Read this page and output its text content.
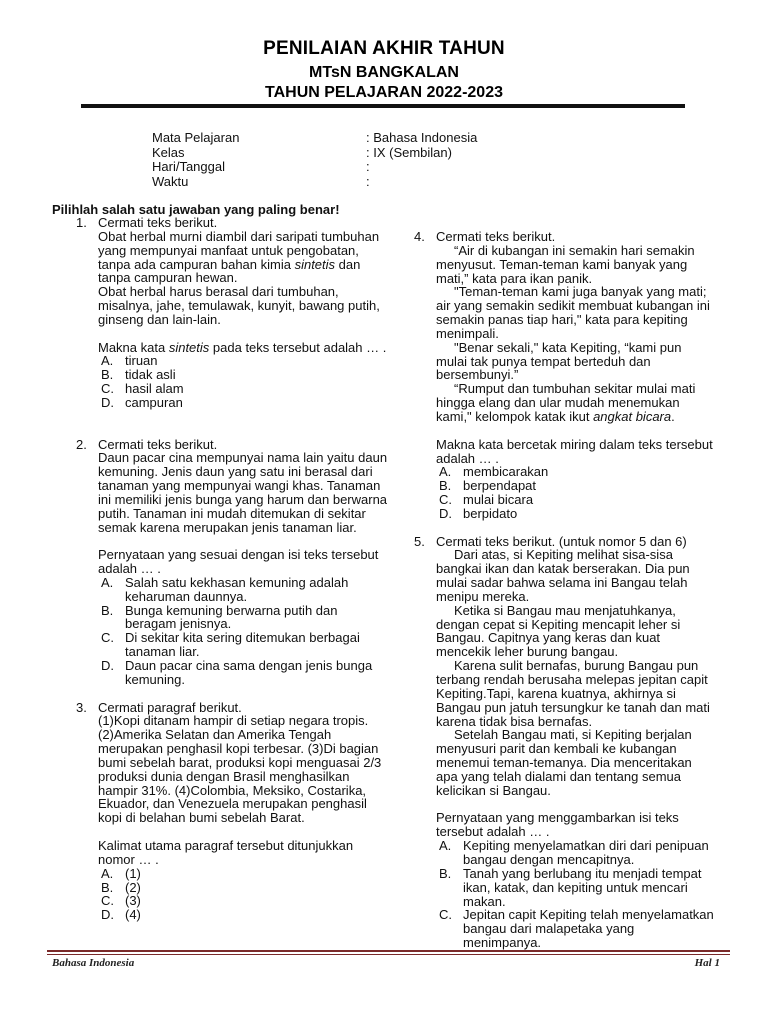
PENILAIAN AKHIR TAHUN
MTsN BANGKALAN
TAHUN PELAJARAN 2022-2023
Mata Pelajaran
Kelas
Hari/Tanggal
Waktu
: Bahasa Indonesia
: IX (Sembilan)
:
:
Pilihlah salah satu jawaban yang paling benar!
1. Cermati teks berikut.

Obat herbal murni diambil dari saripati tumbuhan yang mempunyai manfaat untuk pengobatan, tanpa ada campuran bahan kimia sintetis dan tanpa campuran hewan.

Obat herbal harus berasal dari tumbuhan, misalnya, jahe, temulawak, kunyit, bawang putih, ginseng dan lain-lain.

Makna kata sintetis pada teks tersebut adalah … .

A. tiruan
B. tidak asli
C. hasil alam
D. campuran
2. Cermati teks berikut.

Daun pacar cina mempunyai nama lain yaitu daun kemuning. Jenis daun yang satu ini berasal dari tanaman yang mempunyai wangi khas. Tanaman ini memiliki jenis bunga yang harum dan berwarna putih. Tanaman ini mudah ditemukan di sekitar semak karena merupakan jenis tanaman liar.

Pernyataan yang sesuai dengan isi teks tersebut adalah … .

A. Salah satu kekhasan kemuning adalah keharuman daunnya.
B. Bunga kemuning berwarna putih dan beragam jenisnya.
C. Di sekitar kita sering ditemukan berbagai tanaman liar.
D. Daun pacar cina sama dengan jenis bunga kemuning.
3. Cermati paragraf berikut.

(1)Kopi ditanam hampir di setiap negara tropis. (2)Amerika Selatan dan Amerika Tengah merupakan penghasil kopi terbesar. (3)Di bagian bumi sebelah barat, produksi kopi menguasai 2/3 produksi dunia dengan Brasil menghasilkan hampir 31%. (4)Colombia, Meksiko, Costarika, Ekuador, dan Venezuela merupakan penghasil kopi di belahan bumi sebelah Barat.

Kalimat utama paragraf tersebut ditunjukkan nomor … .

A. (1)
B. (2)
C. (3)
D. (4)
4. Cermati teks berikut.

“Air di kubangan ini semakin hari semakin menyusut. Teman-teman kami banyak yang mati,” kata para ikan panik.

"Teman-teman kami juga banyak yang mati; air yang semakin sedikit membuat kubangan ini semakin panas tiap hari," kata para kepiting menimpali.

"Benar sekali," kata Kepiting, “kami pun mulai tak punya tempat berteduh dan bersembunyi.”

“Rumput dan tumbuhan sekitar mulai mati hingga elang dan ular mudah menemukan kami," kelompok katak ikut angkat bicara.

Makna kata bercetak miring dalam teks tersebut adalah … .

A. membicarakan
B. berpendapat
C. mulai bicara
D. berpidato
5. Cermati teks berikut. (untuk nomor 5 dan 6)

Dari atas, si Kepiting melihat sisa-sisa bangkai ikan dan katak berserakan. Dia pun mulai sadar bahwa selama ini Bangau telah menipu mereka.

Ketika si Bangau mau menjatuhkanya, dengan cepat si Kepiting mencapit leher si Bangau. Capitnya yang keras dan kuat mencekik leher burung bangau.

Karena sulit bernafas, burung Bangau pun terbang rendah berusaha melepas jepitan capit Kepiting.Tapi, karena kuatnya, akhirnya si Bangau pun jatuh tersungkur ke tanah dan mati karena tidak bisa bernafas.

Setelah Bangau mati, si Kepiting berjalan menyusuri parit dan kembali ke kubangan menemui teman-temanya. Dia menceritakan apa yang telah dialami dan tentang semua kelicikan si Bangau.

Pernyataan yang menggambarkan isi teks tersebut adalah … .

A. Kepiting menyelamatkan diri dari penipuan bangau dengan mencapitnya.
B. Tanah yang berlubang itu menjadi tempat ikan, katak, dan kepiting untuk mencari makan.
C. Jepitan capit Kepiting telah menyelamatkan bangau dari malapetaka yang menimpanya.
Bahasa Indonesia	Hal 1
